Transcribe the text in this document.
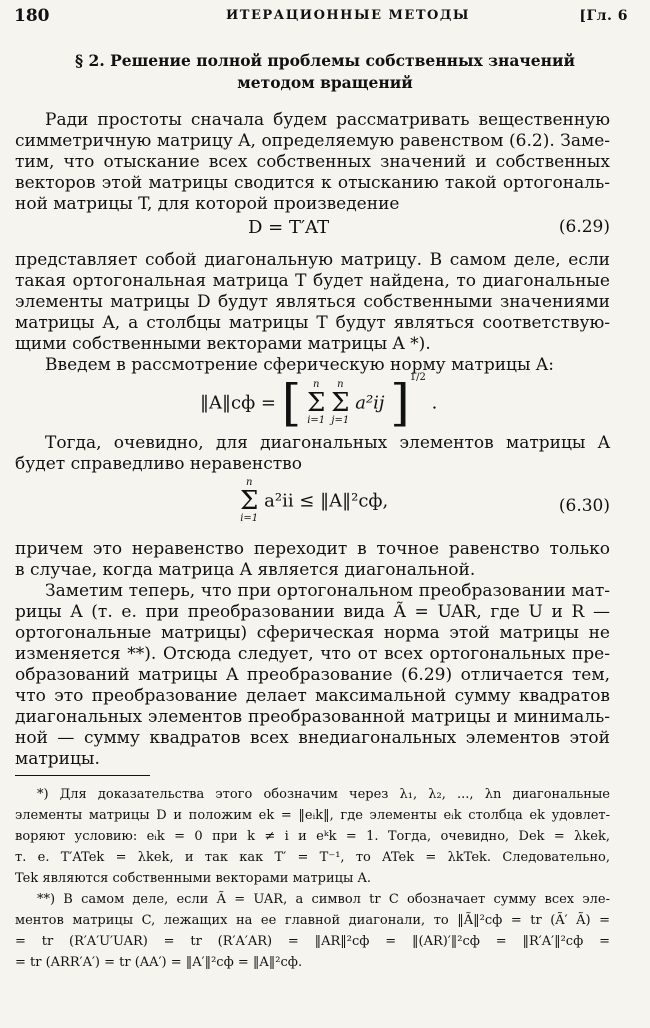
180	ИТЕРАЦИОННЫЕ МЕТОДЫ	[Гл. 6
§ 2. Решение полной проблемы собственных значений
методом вращений
Ради простоты сначала будем рассматривать вещественную
симметричную матрицу A, определяемую равенством (6.2). Заме-
тим, что отыскание всех собственных значений и собственных
векторов этой матрицы сводится к отысканию такой ортогональ-
ной матрицы T, для которой произведение
D = T′AT	(6.29)
представляет собой диагональную матрицу. В самом деле, если
такая ортогональная матрица T будет найдена, то диагональные
элементы матрицы D будут являться собственными значениями
матрицы A, а столбцы матрицы T будут являться соответствую-
щими собственными векторами матрицы A *).
Введем в рассмотрение сферическую норму матрицы A:
‖A‖сф = [	n
Σ
i=1

n
Σ
j=1
a²ij ]$^{1/2}$ .
Тогда, очевидно, для диагональных элементов матрицы A
будет справедливо неравенство
n
Σ
i=1
a²ii ≤ ‖A‖²сф,	(6.30)
причем это неравенство переходит в точное равенство только
в случае, когда матрица A является диагональной.
Заметим теперь, что при ортогональном преобразовании мат-
рицы A (т. е. при преобразовании вида Ã = UAR, где U и R —
ортогональные матрицы) сферическая норма этой матрицы не
изменяется **). Отсюда следует, что от всех ортогональных пре-
образований матрицы A преобразование (6.29) отличается тем,
что это преобразование делает максимальной сумму квадратов
диагональных элементов преобразованной матрицы и минималь-
ной — сумму квадратов всех внедиагональных элементов этой
матрицы.
*) Для доказательства этого обозначим через λ₁, λ₂, ..., λn диагональные
элементы матрицы D и положим ek = ‖eᵢk‖, где элементы eᵢk столбца ek удовлет-
воряют условию: eᵢk = 0 при k ≠ i и eᵏk = 1. Тогда, очевидно, Dek = λkek,
т. е. T′ATek = λkek, и так как T′ = T⁻¹, то ATek = λkTek. Следовательно,
Tek являются собственными векторами матрицы A.
**) В самом деле, если Ã = UAR, а символ tr C обозначает сумму всех эле-
ментов матрицы C, лежащих на ее главной диагонали, то ‖Ã‖²сф = tr (Ã′ Ã) =
= tr (R′A′U′UAR) = tr (R′A′AR) = ‖AR‖²сф = ‖(AR)′‖²сф = ‖R′A′‖²сф =
= tr (ARR′A′) = tr (AA′) = ‖A′‖²сф = ‖A‖²сф.
